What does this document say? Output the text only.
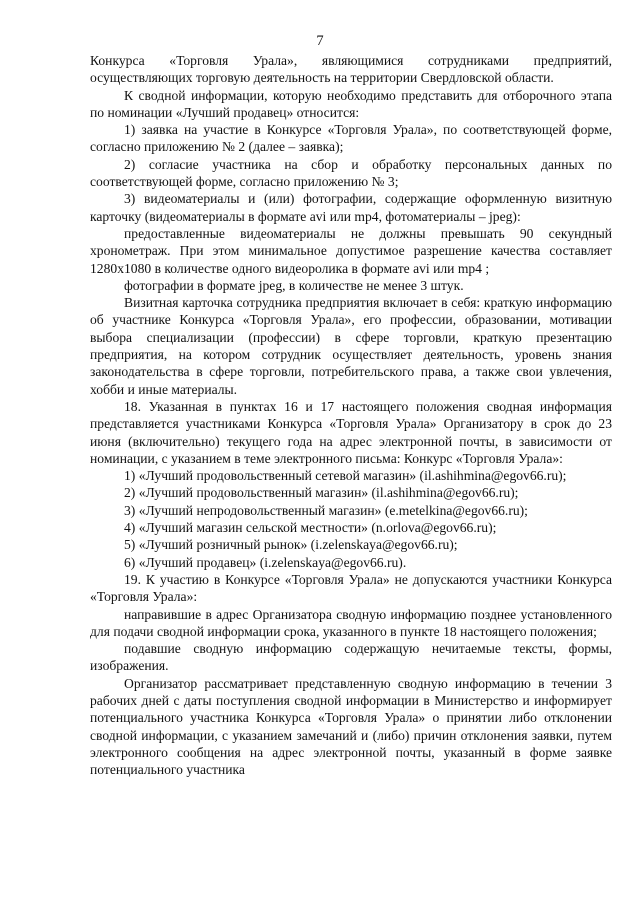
7

Конкурса «Торговля Урала», являющимися сотрудниками предприятий, осуществляющих торговую деятельность на территории Свердловской области.

К сводной информации, которую необходимо представить для отборочного этапа по номинации «Лучший продавец» относится:

1) заявка на участие в Конкурсе «Торговля Урала», по соответствующей форме, согласно приложению № 2 (далее – заявка);

2) согласие участника на сбор и обработку персональных данных по соответствующей форме, согласно приложению № 3;

3) видеоматериалы и (или) фотографии, содержащие оформленную визитную карточку (видеоматериалы в формате avi или mp4, фотоматериалы – jpeg):

предоставленные видеоматериалы не должны превышать 90 секундный хронометраж. При этом минимальное допустимое разрешение качества составляет 1280x1080 в количестве одного видеоролика в формате avi или mp4 ;

фотографии в формате jpeg, в количестве не менее 3 штук.

Визитная карточка сотрудника предприятия включает в себя: краткую информацию об участнике Конкурса «Торговля Урала», его профессии, образовании, мотивации выбора специализации (профессии) в сфере торговли, краткую презентацию предприятия, на котором сотрудник осуществляет деятельность, уровень знания законодательства в сфере торговли, потребительского права, а также свои увлечения, хобби и иные материалы.

18. Указанная в пунктах 16 и 17 настоящего положения сводная информация представляется участниками Конкурса «Торговля Урала» Организатору в срок до 23 июня (включительно) текущего года на адрес электронной почты, в зависимости от номинации, с указанием в теме электронного письма: Конкурс «Торговля Урала»:

1) «Лучший продовольственный сетевой магазин» (il.ashihmina@egov66.ru);

2) «Лучший продовольственный магазин» (il.ashihmina@egov66.ru);

3) «Лучший непродовольственный магазин» (e.metelkina@egov66.ru);

4) «Лучший магазин сельской местности» (n.orlova@egov66.ru);

5) «Лучший розничный рынок» (i.zelenskaya@egov66.ru);

6) «Лучший продавец» (i.zelenskaya@egov66.ru).

19. К участию в Конкурсе «Торговля Урала» не допускаются участники Конкурса «Торговля Урала»:

направившие в адрес Организатора сводную информацию позднее установленного для подачи сводной информации срока, указанного в пункте 18 настоящего положения;

подавшие сводную информацию содержащую нечитаемые тексты, формы, изображения.

Организатор рассматривает представленную сводную информацию в течении 3 рабочих дней с даты поступления сводной информации в Министерство и информирует потенциального участника Конкурса «Торговля Урала» о принятии либо отклонении сводной информации, с указанием замечаний и (либо) причин отклонения заявки, путем электронного сообщения на адрес электронной почты, указанный в форме заявке потенциального участника
